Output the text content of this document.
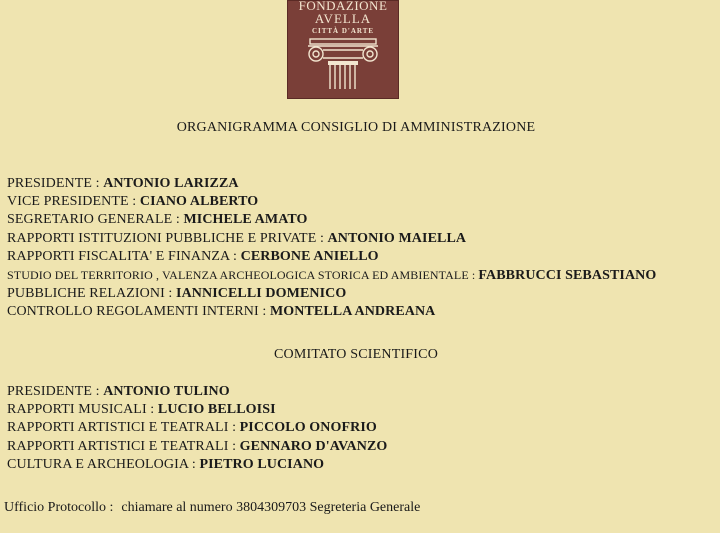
FONDAZIONE
AVELLA
CITTÀ D'ARTE
ORGANIGRAMMA CONSIGLIO DI AMMINISTRAZIONE
PRESIDENTE : ANTONIO LARIZZA
VICE PRESIDENTE : CIANO ALBERTO
SEGRETARIO GENERALE : MICHELE AMATO
RAPPORTI ISTITUZIONI PUBBLICHE E PRIVATE : ANTONIO MAIELLA
RAPPORTI FISCALITA' E FINANZA : CERBONE ANIELLO
STUDIO DEL TERRITORIO , VALENZA ARCHEOLOGICA STORICA ED AMBIENTALE : FABBRUCCI SEBASTIANO
PUBBLICHE RELAZIONI : IANNICELLI DOMENICO
CONTROLLO REGOLAMENTI INTERNI : MONTELLA ANDREANA
COMITATO SCIENTIFICO
PRESIDENTE : ANTONIO TULINO
RAPPORTI MUSICALI : LUCIO BELLOISI
RAPPORTI ARTISTICI E TEATRALI : PICCOLO ONOFRIO
RAPPORTI ARTISTICI E TEATRALI : GENNARO D'AVANZO
CULTURA E ARCHEOLOGIA : PIETRO LUCIANO
Ufficio Protocollo : chiamare al numero 3804309703 Segreteria Generale
